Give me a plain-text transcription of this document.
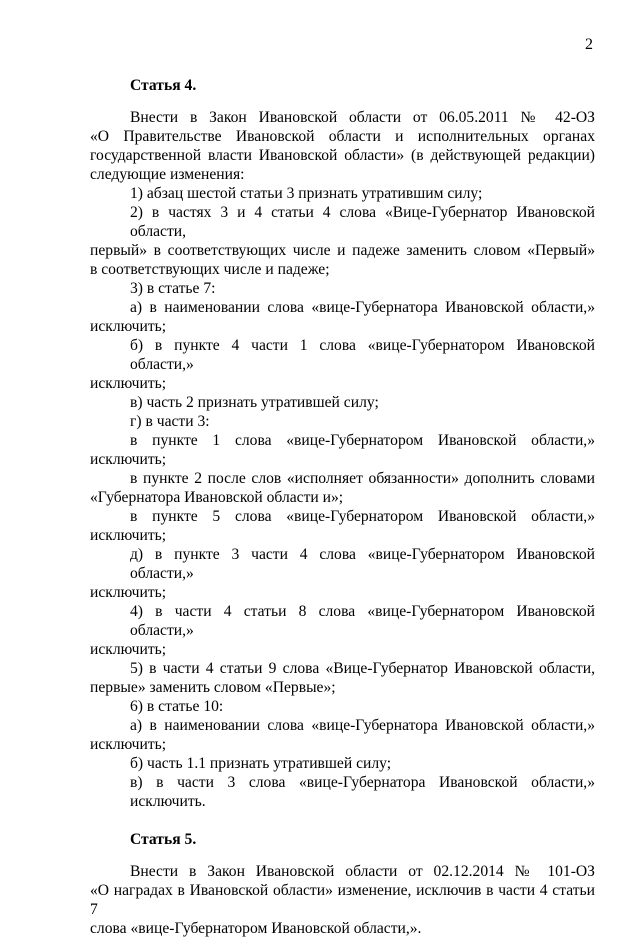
2

Статья 4.

Внести в Закон Ивановской области от 06.05.2011 № 42-ОЗ
«О Правительстве Ивановской области и исполнительных органах
государственной власти Ивановской области» (в действующей редакции)
следующие изменения:
1) абзац шестой статьи 3 признать утратившим силу;
2) в частях 3 и 4 статьи 4 слова «Вице-Губернатор Ивановской области,
первый» в соответствующих числе и падеже заменить словом «Первый»
в соответствующих числе и падеже;
3) в статье 7:
а) в наименовании слова «вице-Губернатора Ивановской области,»
исключить;
б) в пункте 4 части 1 слова «вице-Губернатором Ивановской области,»
исключить;
в) часть 2 признать утратившей силу;
г) в части 3:
в пункте 1 слова «вице-Губернатором Ивановской области,»
исключить;
в пункте 2 после слов «исполняет обязанности» дополнить словами
«Губернатора Ивановской области и»;
в пункте 5 слова «вице-Губернатором Ивановской области,»
исключить;
д) в пункте 3 части 4 слова «вице-Губернатором Ивановской области,»
исключить;
4) в части 4 статьи 8 слова «вице-Губернатором Ивановской области,»
исключить;
5) в части 4 статьи 9 слова «Вице-Губернатор Ивановской области,
первые» заменить словом «Первые»;
6) в статье 10:
а) в наименовании слова «вице-Губернатора Ивановской области,»
исключить;
б) часть 1.1 признать утратившей силу;
в) в части 3 слова «вице-Губернатора Ивановской области,» исключить.

Статья 5.

Внести в Закон Ивановской области от 02.12.2014 № 101-ОЗ
«О наградах в Ивановской области» изменение, исключив в части 4 статьи 7
слова «вице-Губернатором Ивановской области,».
